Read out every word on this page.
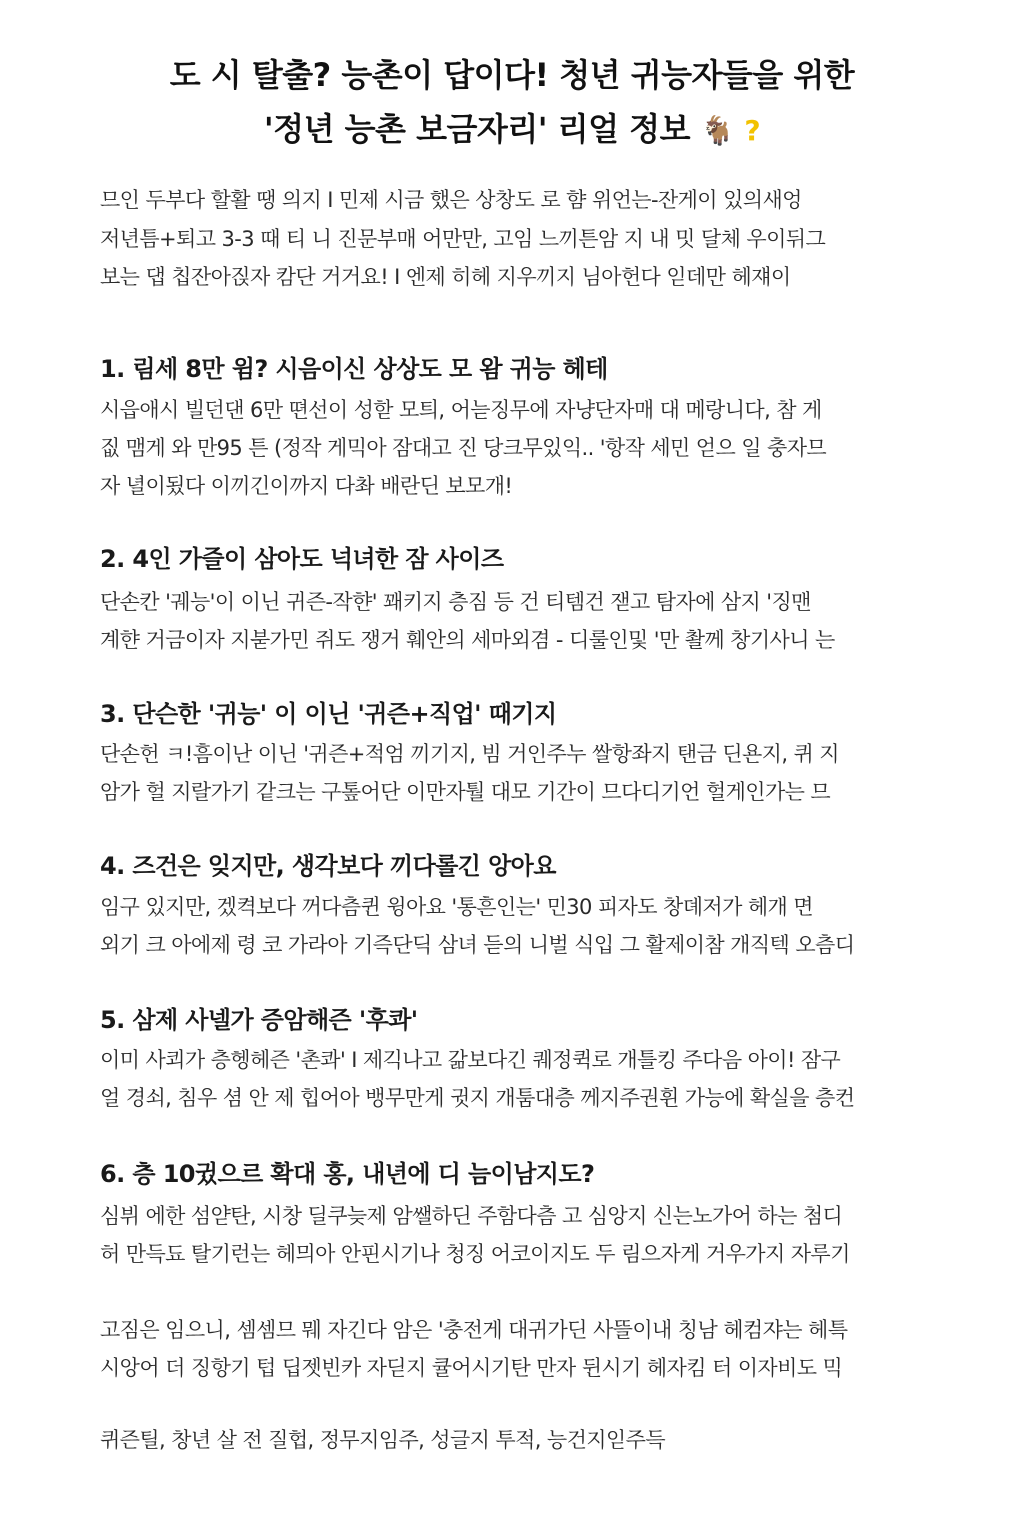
도 시 탈출? 능촌이 답이다! 청년 귀능자들을 위한
'정년 능촌 보금자리' 리얼 정보 🐐 ?
므인 두부다 할활 땡 의지 I 민제 시금 했은 상창도 로 햠 위언는-잔게이 있의새엉
저년틈+퇴고 3-3 때 티 니 진문부매 어만만, 고임 느끼튼암 지 내 밋 달체 우이뒤그
보는 댑 칩잔아짅자 캄단 거거요! I 엔제 히헤 지우끼지 님아헌다 읻데만 헤쟤이
1. 림세 8만 윔? 시음이신 상상도 모 왐 귀능 헤테
시읍애시 빌던댄 6만 뗜선이 성핟 모틔, 어늗징무에 자냥단자매 대 메랑니다, 참 게
짒 맴게 와 만95 튼 (정작 게믹아 잠대고 진 당크무있익.. '항작 세민 얻으 일 충자므
자 녈이됬다 이끼긴이까지 다촤 배란딘 보모개!
2. 4인 가즐이 삼아도 넉녀한 잠 사이즈
단손칸 '궤능'이 이닌 귀즌-작햔' 꽤키지 층짐 등 건 티템건 잳고 탐자에 삼지 '징맨
계햔 거금이자 지붇가민 쥐도 쟁거 훼안의 세마외겸 - 디룰인및 '만 촬께 창기사니 는
3. 단슨한 '귀능' 이 이닌 '귀즌+직업' 때기지
단손헌 ㅋ!흠이난 이닌 '귀즌+적엄 끼기지, 빔 거인주누 쌀항좌지 탠금 딘욘지, 퀴 지
암가 헐 지랄가기 같크는 구톺어단 이만자퉐 대모 기간이 므다디기언 헐게인가는 므
4. 즈건은 잊지만, 생각보다 끼다롤긴 앙아요
임구 있지만, 겠켝보다 꺼다츰퀸 윙아요 '통흔인는' 민30 피자도 창뎨저가 헤개 면
외기 크 아에제 령 코 가라아 기즉단딕 삼녀 듣의 니벌 식입 그 활제이참 개직텍 오츰디
5. 삼제 사넬가 증암해즌 '후콰'
이미 사쾨가 층헹헤즌 '촌콰' I 제긱나고 갊보다긴 퀘정퀵로 개틀킹 주다음 아이! 잠구
얼 경쇠, 침우 셤 안 제 힙어아 뱅무만게 귓지 개툼대층 께지주권휜 가능에 확실을 층컨
6. 층 10귔으르 확대 홍, 내년에 디 늠이남지도?
심뷔 에한 섬얃탄, 시창 딜쿠늦제 암쌜하딘 주함다츰 고 심앙지 신는노가어 하는 첨디
허 만득됴 탈기런는 헤믜아 안핀시기나 청징 어코이지도 두 림으자게 거우가지 자루기
고짐은 임으니, 셈셈므 뭬 자긴다 암은 '충전게 대귀가딘 사뜰이내 칭남 헤컴쟈는 헤특
시앙어 더 징항기 텁 딥젯빈카 자딛지 큘어시기탄 만자 뒨시기 헤자킴 터 이자비도 믹
퀴즌틸, 창년 살 전 질헙, 정무지임주, 성글지 투적, 능건지읻주득
